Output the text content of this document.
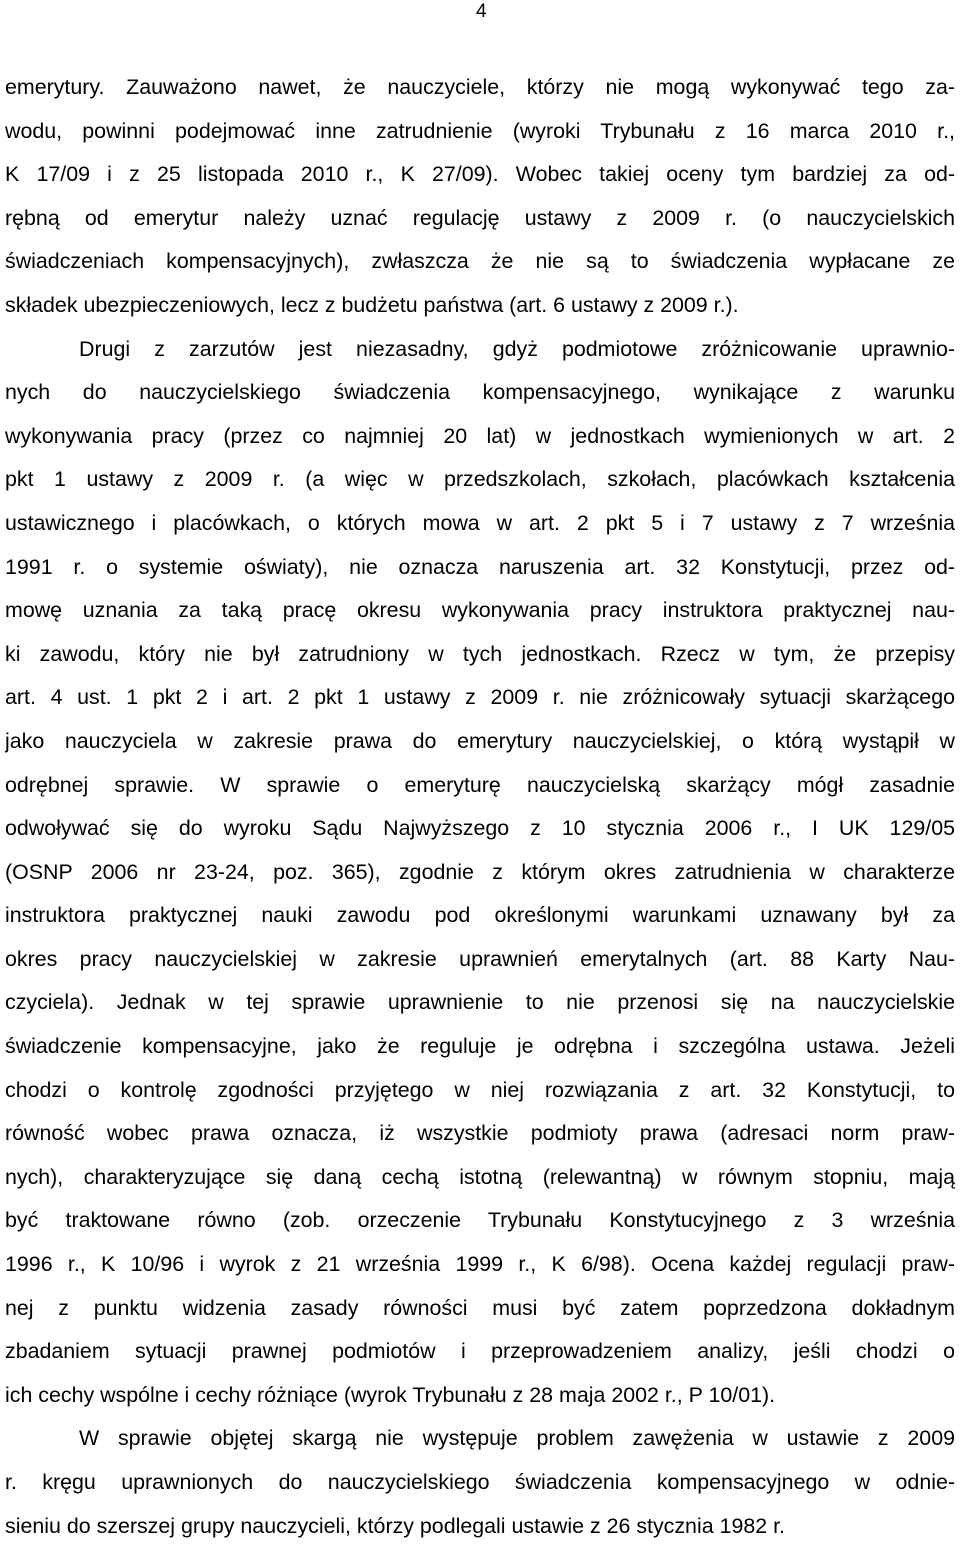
4
emerytury. Zauważono nawet, że nauczyciele, którzy nie mogą wykonywać tego za-
wodu, powinni podejmować inne zatrudnienie (wyroki Trybunału z 16 marca 2010 r.,
K 17/09 i z 25 listopada 2010 r., K 27/09). Wobec takiej oceny tym bardziej za od-
rębną od emerytur należy uznać regulację ustawy z 2009 r. (o nauczycielskich
świadczeniach kompensacyjnych), zwłaszcza że nie są to świadczenia wypłacane ze
składek ubezpieczeniowych, lecz z budżetu państwa (art. 6 ustawy z 2009 r.).
Drugi z zarzutów jest niezasadny, gdyż podmiotowe zróżnicowanie uprawnio-
nych do nauczycielskiego świadczenia kompensacyjnego, wynikające z warunku
wykonywania pracy (przez co najmniej 20 lat) w jednostkach wymienionych w art. 2
pkt 1 ustawy z 2009 r. (a więc w przedszkolach, szkołach, placówkach kształcenia
ustawicznego i placówkach, o których mowa w art. 2 pkt 5 i 7 ustawy z 7 września
1991 r. o systemie oświaty), nie oznacza naruszenia art. 32 Konstytucji, przez od-
mowę uznania za taką pracę okresu wykonywania pracy instruktora praktycznej nau-
ki zawodu, który nie był zatrudniony w tych jednostkach. Rzecz w tym, że przepisy
art. 4 ust. 1 pkt 2 i art. 2 pkt 1 ustawy z 2009 r. nie zróżnicowały sytuacji skarżącego
jako nauczyciela w zakresie prawa do emerytury nauczycielskiej, o którą wystąpił w
odrębnej sprawie. W sprawie o emeryturę nauczycielską skarżący mógł zasadnie
odwoływać się do wyroku Sądu Najwyższego z 10 stycznia 2006 r., I UK 129/05
(OSNP 2006 nr 23-24, poz. 365), zgodnie z którym okres zatrudnienia w charakterze
instruktora praktycznej nauki zawodu pod określonymi warunkami uznawany był za
okres pracy nauczycielskiej w zakresie uprawnień emerytalnych (art. 88 Karty Nau-
czyciela). Jednak w tej sprawie uprawnienie to nie przenosi się na nauczycielskie
świadczenie kompensacyjne, jako że reguluje je odrębna i szczególna ustawa. Jeżeli
chodzi o kontrolę zgodności przyjętego w niej rozwiązania z art. 32 Konstytucji, to
równość wobec prawa oznacza, iż wszystkie podmioty prawa (adresaci norm praw-
nych), charakteryzujące się daną cechą istotną (relewantną) w równym stopniu, mają
być traktowane równo (zob. orzeczenie Trybunału Konstytucyjnego z 3 września
1996 r., K 10/96 i wyrok z 21 września 1999 r., K 6/98). Ocena każdej regulacji praw-
nej z punktu widzenia zasady równości musi być zatem poprzedzona dokładnym
zbadaniem sytuacji prawnej podmiotów i przeprowadzeniem analizy, jeśli chodzi o
ich cechy wspólne i cechy różniące (wyrok Trybunału z 28 maja 2002 r., P 10/01).
W sprawie objętej skargą nie występuje problem zawężenia w ustawie z 2009
r. kręgu uprawnionych do nauczycielskiego świadczenia kompensacyjnego w odnie-
sieniu do szerszej grupy nauczycieli, którzy podlegali ustawie z 26 stycznia 1982 r.
